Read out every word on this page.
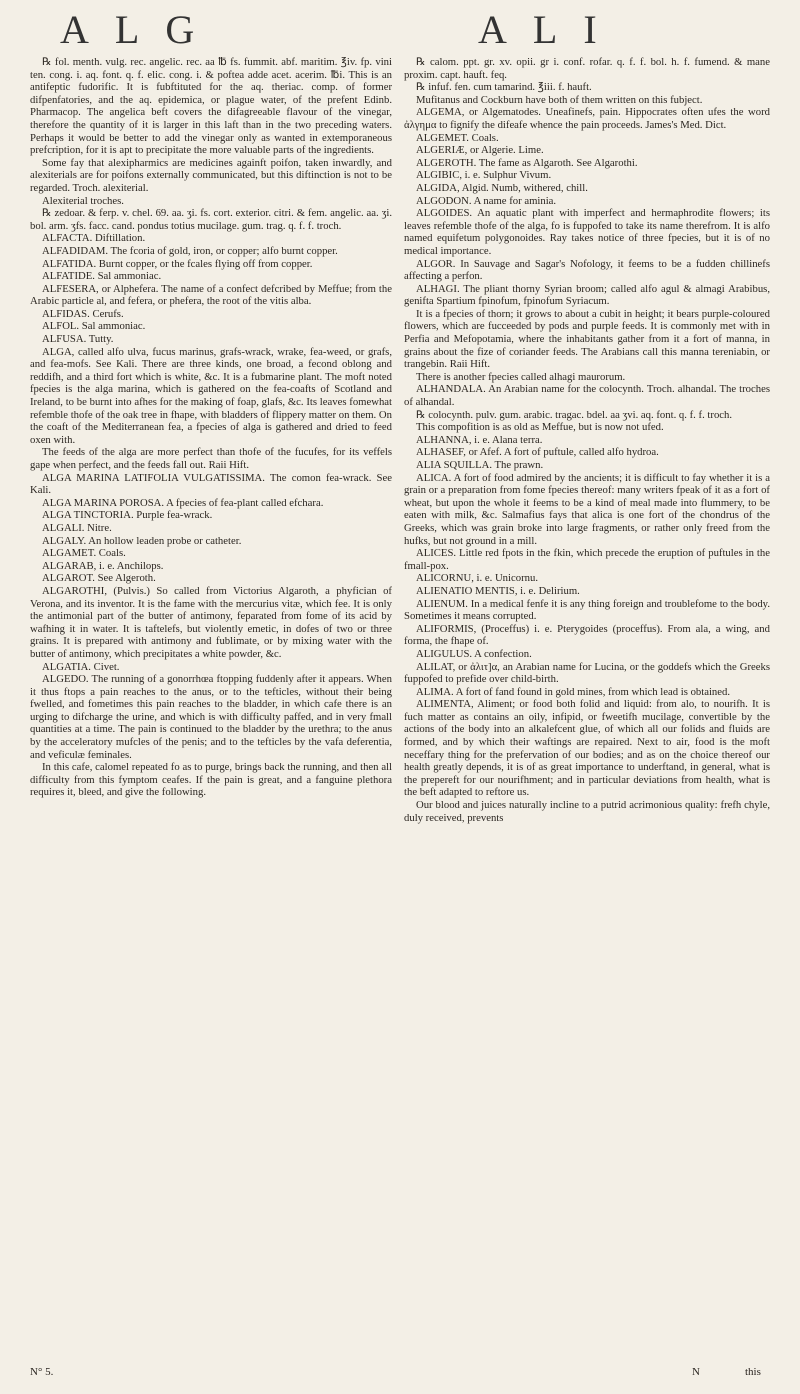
ALG	ALI

℞ fol. menth. vulg. rec. angelic. rec. aa ℔ fs. fummit. abf. maritim. ℥iv. fp. vini ten. cong. i. aq. font. q. f. elic. cong. i. & poftea adde acet. acerim. ℔i. This is an antifeptic fudorific. It is fubftituted for the aq. theriac. comp. of former difpenfatories, and the aq. epidemica, or plague water, of the prefent Edinb. Pharmacop. The angelica beft covers the difagreeable flavour of the vinegar, therefore the quantity of it is larger in this laft than in the two preceding waters. Perhaps it would be better to add the vinegar only as wanted in extemporaneous prefcription, for it is apt to precipitate the more valuable parts of the ingredients.

Some fay that alexipharmics are medicines againft poifon, taken inwardly, and alexiterials are for poifons externally communicated, but this diftinction is not to be regarded. Troch. alexiterial.

Alexiterial troches.

℞ zedoar. & ferp. v. chel. 69. aa. ʒi. fs. cort. exterior. citri. & fem. angelic. aa. ʒi. bol. arm. ʒfs. facc. cand. pondus totius mucilage. gum. trag. q. f. f. troch.

ALFACTA. Diftillation.

ALFADIDAM. The fcoria of gold, iron, or copper; alfo burnt copper.

ALFATIDA. Burnt copper, or the fcales flying off from copper.

ALFATIDE. Sal ammoniac.

ALFESERA, or Alphefera. The name of a confect defcribed by Meffue; from the Arabic particle al, and fefera, or phefera, the root of the vitis alba.

ALFIDAS. Cerufs.

ALFOL. Sal ammoniac.

ALFUSA. Tutty.

ALGA, called alfo ulva, fucus marinus, grafs-wrack, wrake, fea-weed, or grafs, and fea-mofs. See Kali. There are three kinds, one broad, a fecond oblong and reddifh, and a third fort which is white, &c. It is a fubmarine plant. The moft noted fpecies is the alga marina, which is gathered on the fea-coafts of Scotland and Ireland, to be burnt into afhes for the making of foap, glafs, &c. Its leaves fomewhat refemble thofe of the oak tree in fhape, with bladders of flippery matter on them. On the coaft of the Mediterranean fea, a fpecies of alga is gathered and dried to feed oxen with.

The feeds of the alga are more perfect than thofe of the fucufes, for its veffels gape when perfect, and the feeds fall out. Raii Hift.

ALGA MARINA LATIFOLIA VULGATISSIMA. The comon fea-wrack. See Kali.

ALGA MARINA POROSA. A fpecies of fea-plant called efchara.

ALGA TINCTORIA. Purple fea-wrack.

ALGALI. Nitre.

ALGALY. An hollow leaden probe or catheter.

ALGAMET. Coals.

ALGARAB, i. e. Anchilops.

ALGAROT. See Algeroth.

ALGAROTHI, (Pulvis.) So called from Victorius Algaroth, a phyfician of Verona, and its inventor. It is the fame with the mercurius vitæ, which fee. It is only the antimonial part of the butter of antimony, feparated from fome of its acid by wafhing it in water. It is taftelefs, but violently emetic, in dofes of two or three grains. It is prepared with antimony and fublimate, or by mixing water with the butter of antimony, which precipitates a white powder, &c.

ALGATIA. Civet.

ALGEDO. The running of a gonorrhœa ftopping fuddenly after it appears. When it thus ftops a pain reaches to the anus, or to the tefticles, without their being fwelled, and fometimes this pain reaches to the bladder, in which cafe there is an urging to difcharge the urine, and which is with difficulty paffed, and in very fmall quantities at a time. The pain is continued to the bladder by the urethra; to the anus by the acceleratory mufcles of the penis; and to the tefticles by the vafa deferentia, and veficulæ feminales.

In this cafe, calomel repeated fo as to purge, brings back the running, and then all difficulty from this fymptom ceafes. If the pain is great, and a fanguine plethora requires it, bleed, and give the following.

℞ calom. ppt. gr. xv. opii. gr i. conf. rofar. q. f. f. bol. h. f. fumend. & mane proxim. capt. hauft. feq.

℞ infuf. fen. cum tamarind. ℥iii. f. hauft.

Mufitanus and Cockburn have both of them written on this fubject.

ALGEMA, or Algematodes. Uneafinefs, pain. Hippocrates often ufes the word ἀλγημα to fignify the difeafe whence the pain proceeds. James's Med. Dict.

ALGEMET. Coals.

ALGERIÆ, or Algerie. Lime.

ALGEROTH. The fame as Algaroth. See Algarothi.

ALGIBIC, i. e. Sulphur Vivum.

ALGIDA, Algid. Numb, withered, chill.

ALGODON. A name for aminia.

ALGOIDES. An aquatic plant with imperfect and hermaphrodite flowers; its leaves refemble thofe of the alga, fo is fuppofed to take its name therefrom. It is alfo named equifetum polygonoides. Ray takes notice of three fpecies, but it is of no medical importance.

ALGOR. In Sauvage and Sagar's Nofology, it feems to be a fudden chillinefs affecting a perfon.

ALHAGI. The pliant thorny Syrian broom; called alfo agul & almagi Arabibus, genifta Spartium fpinofum, fpinofum Syriacum.

It is a fpecies of thorn; it grows to about a cubit in height; it bears purple-coloured flowers, which are fucceeded by pods and purple feeds. It is commonly met with in Perfia and Mefopotamia, where the inhabitants gather from it a fort of manna, in grains about the fize of coriander feeds. The Arabians call this manna tereniabin, or trangebin. Raii Hift.

There is another fpecies called alhagi maurorum.

ALHANDALA. An Arabian name for the colocynth. Troch. alhandal. The troches of alhandal.

℞ colocynth. pulv. gum. arabic. tragac. bdel. aa ʒvi. aq. font. q. f. f. troch.

This compofition is as old as Meffue, but is now not ufed.

ALHANNA, i. e. Alana terra.

ALHASEF, or Afef. A fort of puftule, called alfo hydroa.

ALIA SQUILLA. The prawn.

ALICA. A fort of food admired by the ancients; it is difficult to fay whether it is a grain or a preparation from fome fpecies thereof: many writers fpeak of it as a fort of wheat, but upon the whole it feems to be a kind of meal made into flummery, to be eaten with milk, &c. Salmafius fays that alica is one fort of the chondrus of the Greeks, which was grain broke into large fragments, or rather only freed from the hufks, but not ground in a mill.

ALICES. Little red fpots in the fkin, which precede the eruption of puftules in the fmall-pox.

ALICORNU, i. e. Unicornu.

ALIENATIO MENTIS, i. e. Delirium.

ALIENUM. In a medical fenfe it is any thing foreign and troublefome to the body. Sometimes it means corrupted.

ALIFORMIS, (Proceffus) i. e. Pterygoides (proceffus). From ala, a wing, and forma, the fhape of.

ALIGULUS. A confection.

ALILAT, or ἀλιτ]α, an Arabian name for Lucina, or the goddefs which the Greeks fuppofed to prefide over child-birth.

ALIMA. A fort of fand found in gold mines, from which lead is obtained.

ALIMENTA, Aliment; or food both folid and liquid: from alo, to nourifh. It is fuch matter as contains an oily, infipid, or fweetifh mucilage, convertible by the actions of the body into an alkalefcent glue, of which all our folids and fluids are formed, and by which their waftings are repaired. Next to air, food is the moft neceffary thing for the prefervation of our bodies; and as on the choice thereof our health greatly depends, it is of as great importance to underftand, in general, what is the prepereft for our nourifhment; and in particular deviations from health, what is the beft adapted to reftore us.

Our blood and juices naturally incline to a putrid acrimonious quality: frefh chyle, duly received, prevents

N° 5.	N	this
